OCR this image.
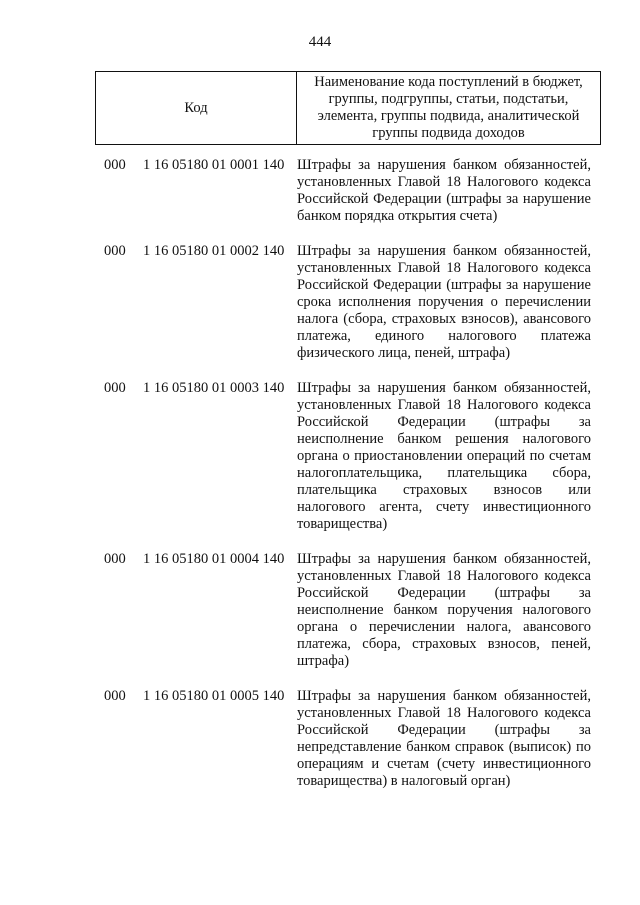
444
Код	Наименование кода поступлений в бюджет, группы, подгруппы, статьи, подстатьи, элемента, группы подвида, аналитической группы подвида доходов
000 1 16 05180 01 0001 140 Штрафы за нарушения банком обязанностей, установленных Главой 18 Налогового кодекса Российской Федерации (штрафы за нарушение банком порядка открытия счета)
000 1 16 05180 01 0002 140 Штрафы за нарушения банком обязанностей, установленных Главой 18 Налогового кодекса Российской Федерации (штрафы за нарушение срока исполнения поручения о перечислении налога (сбора, страховых взносов), авансового платежа, единого налогового платежа физического лица, пеней, штрафа)
000 1 16 05180 01 0003 140 Штрафы за нарушения банком обязанностей, установленных Главой 18 Налогового кодекса Российской Федерации (штрафы за неисполнение банком решения налогового органа о приостановлении операций по счетам налогоплательщика, плательщика сбора, плательщика страховых взносов или налогового агента, счету инвестиционного товарищества)
000 1 16 05180 01 0004 140 Штрафы за нарушения банком обязанностей, установленных Главой 18 Налогового кодекса Российской Федерации (штрафы за неисполнение банком поручения налогового органа о перечислении налога, авансового платежа, сбора, страховых взносов, пеней, штрафа)
000 1 16 05180 01 0005 140 Штрафы за нарушения банком обязанностей, установленных Главой 18 Налогового кодекса Российской Федерации (штрафы за непредставление банком справок (выписок) по операциям и счетам (счету инвестиционного товарищества) в налоговый орган)
